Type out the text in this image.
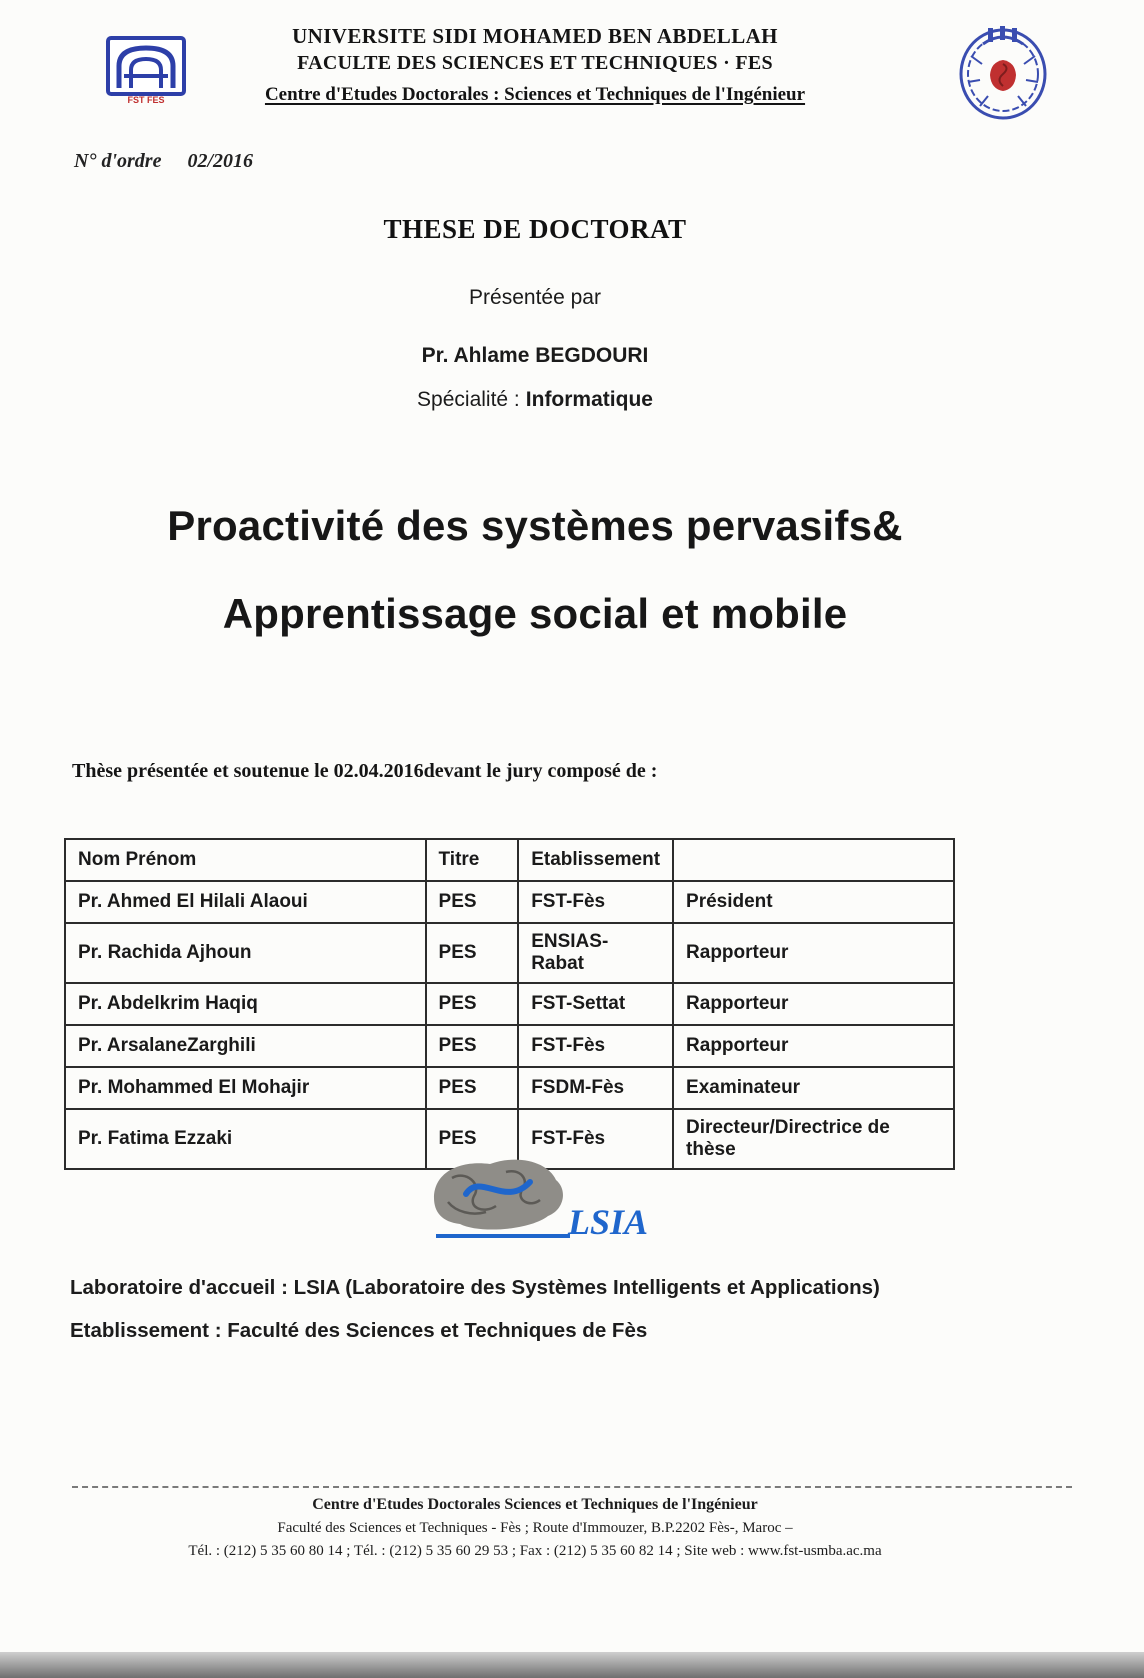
FST FES
UNIVERSITE SIDI MOHAMED BEN ABDELLAH
FACULTE DES SCIENCES ET TECHNIQUES · FES
Centre d'Etudes Doctorales : Sciences et Techniques de l'Ingénieur
N° d'ordre 02/2016
THESE DE DOCTORAT
Présentée par
Pr. Ahlame BEGDOURI
Spécialité : Informatique
Proactivité des systèmes pervasifs&
Apprentissage social et mobile
Thèse présentée et soutenue le 02.04.2016devant le jury composé de :
Nom Prénom	Titre	Etablissement	
Pr. Ahmed El Hilali Alaoui	PES	FST-Fès	Président
Pr. Rachida Ajhoun	PES	ENSIAS-Rabat	Rapporteur
Pr. Abdelkrim Haqiq	PES	FST-Settat	Rapporteur
Pr. ArsalaneZarghili	PES	FST-Fès	Rapporteur
Pr. Mohammed El Mohajir	PES	FSDM-Fès	Examinateur
Pr. Fatima Ezzaki	PES	FST-Fès	Directeur/Directrice de thèse
LSIA
Laboratoire d'accueil : LSIA (Laboratoire des Systèmes Intelligents et Applications)
Etablissement : Faculté des Sciences et Techniques de Fès
Centre d'Etudes Doctorales Sciences et Techniques de l'Ingénieur
Faculté des Sciences et Techniques - Fès ; Route d'Immouzer, B.P.2202 Fès-, Maroc –
Tél. : (212) 5 35 60 80 14 ; Tél. : (212) 5 35 60 29 53 ; Fax : (212) 5 35 60 82 14 ; Site web : www.fst-usmba.ac.ma
